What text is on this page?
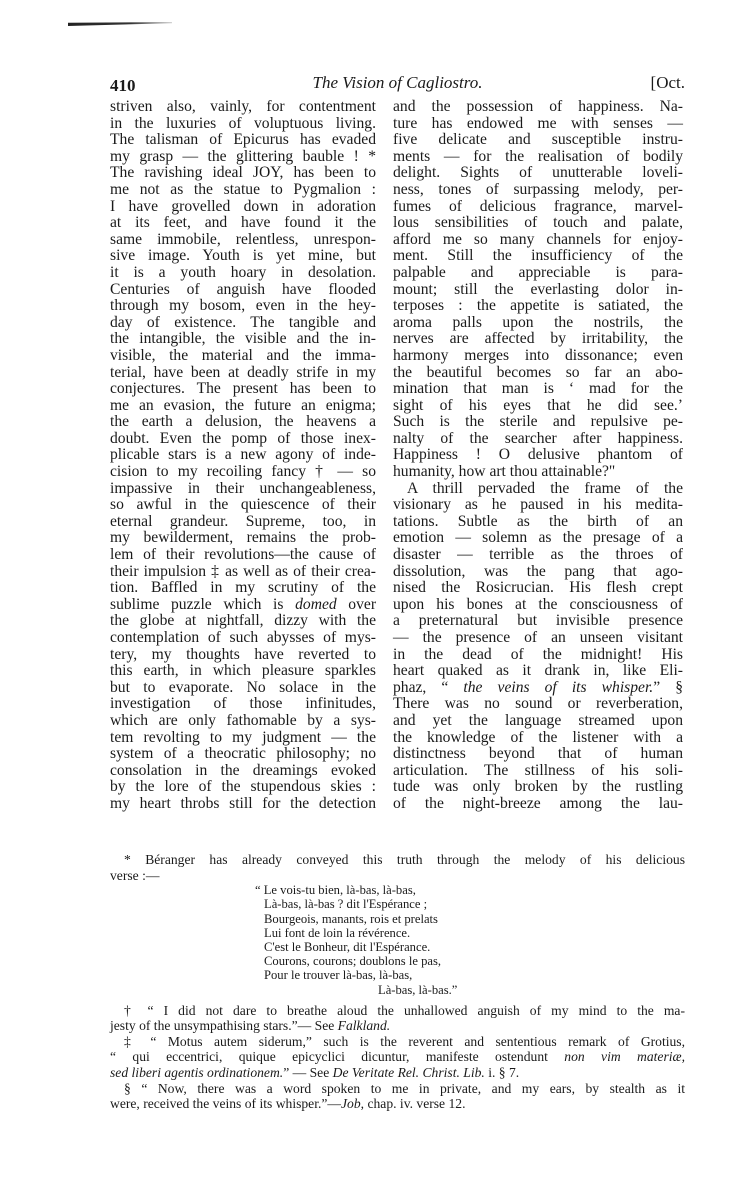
410	The Vision of Cagliostro.	[Oct.
striven also, vainly, for contentment
in the luxuries of voluptuous living.
The talisman of Epicurus has evaded
my grasp — the glittering bauble ! *
The ravishing ideal JOY, has been to
me not as the statue to Pygmalion :
I have grovelled down in adoration
at its feet, and have found it the
same immobile, relentless, unrespon-
sive image. Youth is yet mine, but
it is a youth hoary in desolation.
Centuries of anguish have flooded
through my bosom, even in the hey-
day of existence. The tangible and
the intangible, the visible and the in-
visible, the material and the imma-
terial, have been at deadly strife in my
conjectures. The present has been to
me an evasion, the future an enigma;
the earth a delusion, the heavens a
doubt. Even the pomp of those inex-
plicable stars is a new agony of inde-
cision to my recoiling fancy † — so
impassive in their unchangeableness,
so awful in the quiescence of their
eternal grandeur. Supreme, too, in
my bewilderment, remains the prob-
lem of their revolutions—the cause of
their impulsion ‡ as well as of their crea-
tion. Baffled in my scrutiny of the
sublime puzzle which is domed over
the globe at nightfall, dizzy with the
contemplation of such abysses of mys-
tery, my thoughts have reverted to
this earth, in which pleasure sparkles
but to evaporate. No solace in the
investigation of those infinitudes,
which are only fathomable by a sys-
tem revolting to my judgment — the
system of a theocratic philosophy; no
consolation in the dreamings evoked
by the lore of the stupendous skies :
my heart throbs still for the detection
and the possession of happiness. Na-
ture has endowed me with senses —
five delicate and susceptible instru-
ments — for the realisation of bodily
delight. Sights of unutterable loveli-
ness, tones of surpassing melody, per-
fumes of delicious fragrance, marvel-
lous sensibilities of touch and palate,
afford me so many channels for enjoy-
ment. Still the insufficiency of the
palpable and appreciable is para-
mount; still the everlasting dolor in-
terposes : the appetite is satiated, the
aroma palls upon the nostrils, the
nerves are affected by irritability, the
harmony merges into dissonance; even
the beautiful becomes so far an abo-
mination that man is ‘ mad for the
sight of his eyes that he did see.’
Such is the sterile and repulsive pe-
nalty of the searcher after happiness.
Happiness ! O delusive phantom of
humanity, how art thou attainable?"
A thrill pervaded the frame of the
visionary as he paused in his medita-
tations. Subtle as the birth of an
emotion — solemn as the presage of a
disaster — terrible as the throes of
dissolution, was the pang that ago-
nised the Rosicrucian. His flesh crept
upon his bones at the consciousness of
a preternatural but invisible presence
— the presence of an unseen visitant
in the dead of the midnight! His
heart quaked as it drank in, like Eli-
phaz, “ the veins of its whisper.” §
There was no sound or reverberation,
and yet the language streamed upon
the knowledge of the listener with a
distinctness beyond that of human
articulation. The stillness of his soli-
tude was only broken by the rustling
of the night-breeze among the lau-
* Béranger has already conveyed this truth through the melody of his delicious
verse :—
“ Le vois-tu bien, là-bas, là-bas,
Là-bas, là-bas ? dit l'Espérance ;
Bourgeois, manants, rois et prelats
Lui font de loin la révérence.
C'est le Bonheur, dit l'Espérance.
Courons, courons; doublons le pas,
Pour le trouver là-bas, là-bas,
Là-bas, là-bas.”
† “ I did not dare to breathe aloud the unhallowed anguish of my mind to the ma-
jesty of the unsympathising stars.”— See Falkland.
‡ “ Motus autem siderum,” such is the reverent and sententious remark of Grotius,
“ qui eccentrici, quique epicyclici dicuntur, manifeste ostendunt non vim materiæ,
sed liberi agentis ordinationem.” — See De Veritate Rel. Christ. Lib. i. § 7.
§ “ Now, there was a word spoken to me in private, and my ears, by stealth as it
were, received the veins of its whisper.”—Job, chap. iv. verse 12.
